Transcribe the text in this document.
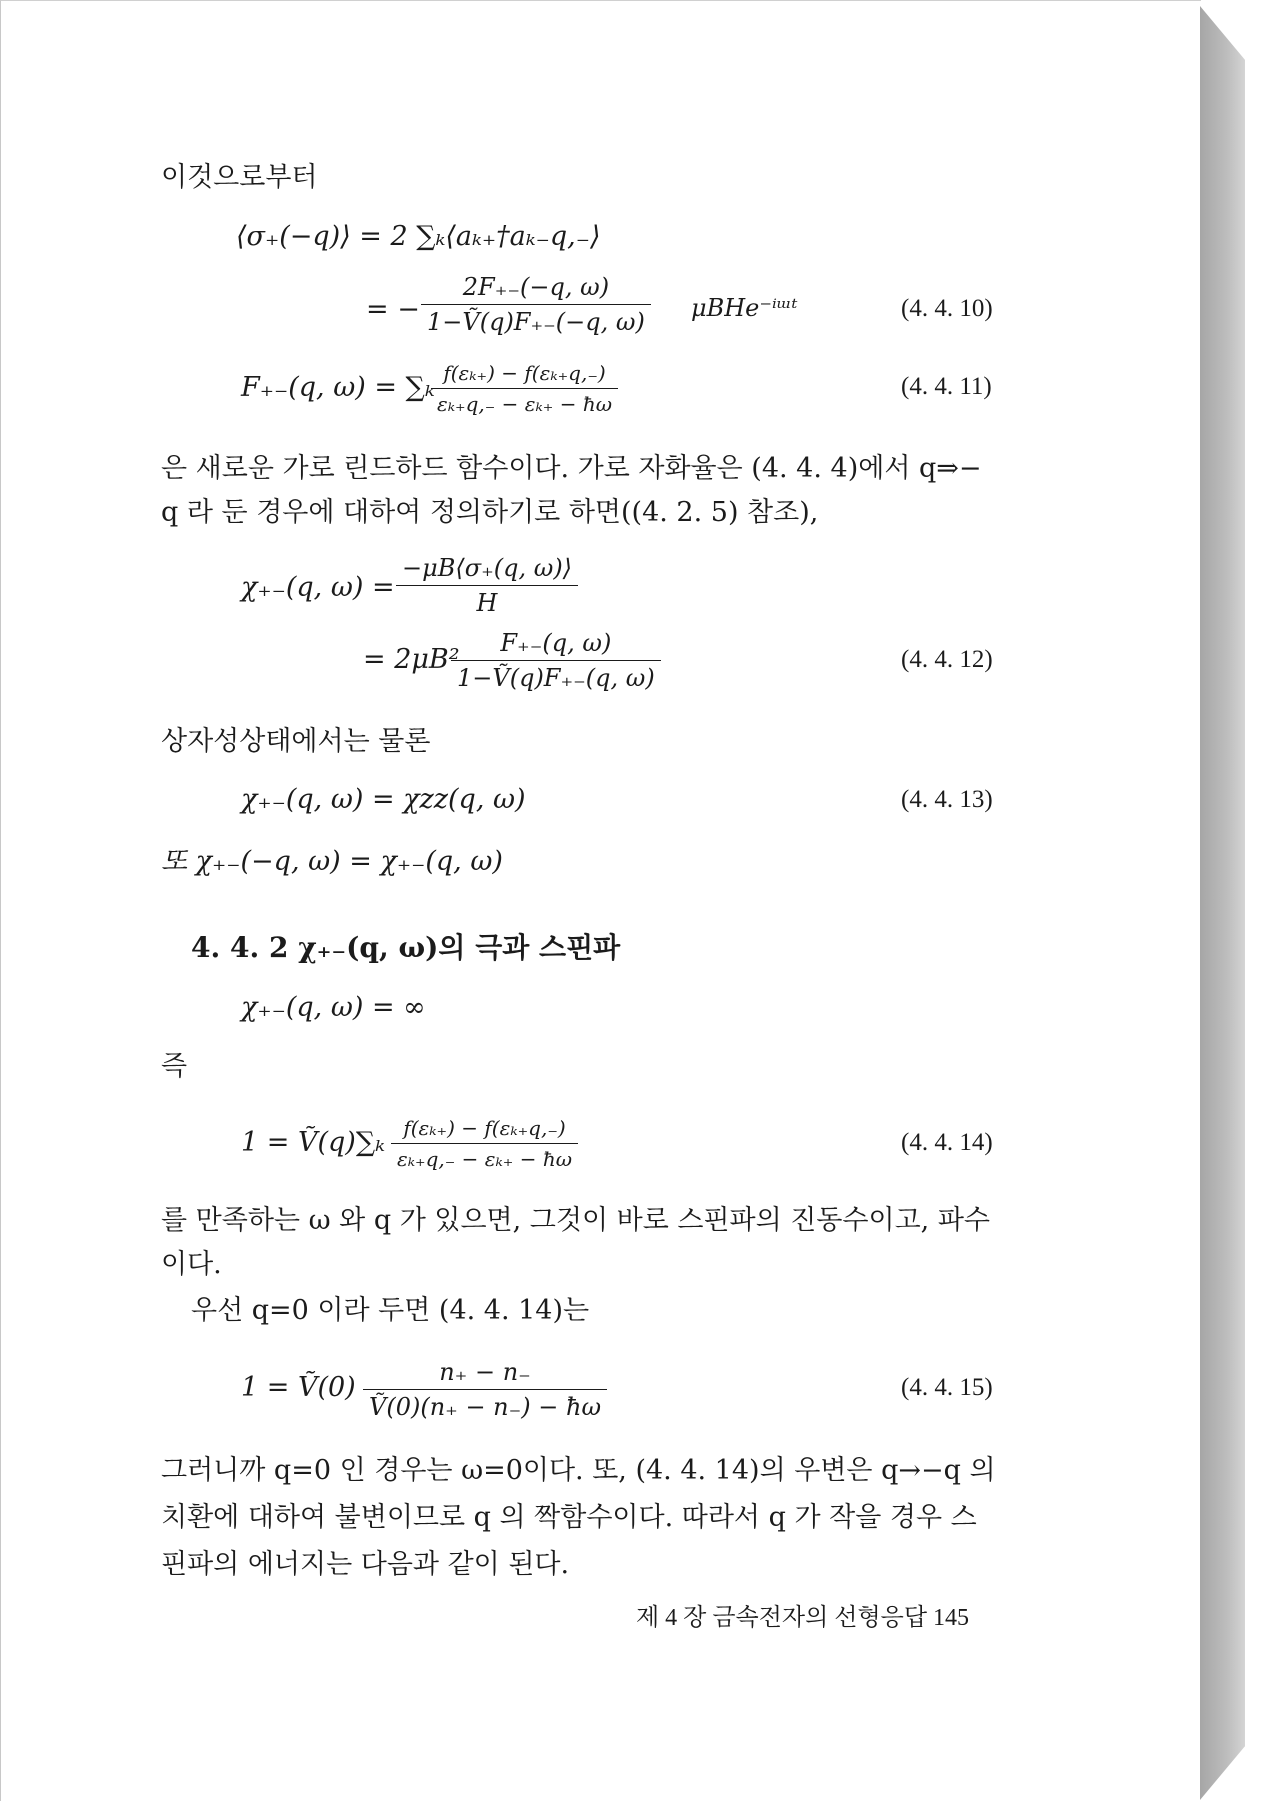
이것으로부터
⟨σ₊(−q)⟩ = 2 ∑ₖ⟨aₖ₊†aₖ₋q,₋⟩
= −
2F₊₋(−q, ω)
1−Ṽ(q)F₊₋(−q, ω) μBHe⁻ⁱᵚᵗ	(4. 4. 10)
F₊₋(q, ω) = ∑ₖ f(εₖ₊) − f(εₖ₊q,₋)
εₖ₊q,₋ − εₖ₊ − ħω
(4. 4. 11)
은 새로운 가로 린드하드 함수이다. 가로 자화율은 (4. 4. 4)에서 q⇒−
q 라 둔 경우에 대하여 정의하기로 하면((4. 2. 5) 참조),
χ₊₋(q, ω) =
−μB⟨σ₊(q, ω)⟩
H
= 2μB²
F₊₋(q, ω)
1−Ṽ(q)F₊₋(q, ω)
(4. 4. 12)
상자성상태에서는 물론
χ₊₋(q, ω) = χzz(q, ω)	(4. 4. 13)
또 χ₊₋(−q, ω) = χ₊₋(q, ω)
4. 4. 2 χ₊₋(q, ω)의 극과 스핀파
χ₊₋(q, ω) = ∞
즉
1 = Ṽ(q)∑ₖ f(εₖ₊) − f(εₖ₊q,₋)
εₖ₊q,₋ − εₖ₊ − ħω
(4. 4. 14)
를 만족하는 ω 와 q 가 있으면, 그것이 바로 스핀파의 진동수이고, 파수
이다.
우선 q=0 이라 두면 (4. 4. 14)는
1 = Ṽ(0)	n₊ − n₋
Ṽ(0)(n₊ − n₋) − ħω
(4. 4. 15)
그러니까 q=0 인 경우는 ω=0이다. 또, (4. 4. 14)의 우변은 q→−q 의
치환에 대하여 불변이므로 q 의 짝함수이다. 따라서 q 가 작을 경우 스
핀파의 에너지는 다음과 같이 된다.
제 4 장 금속전자의 선형응답 145
